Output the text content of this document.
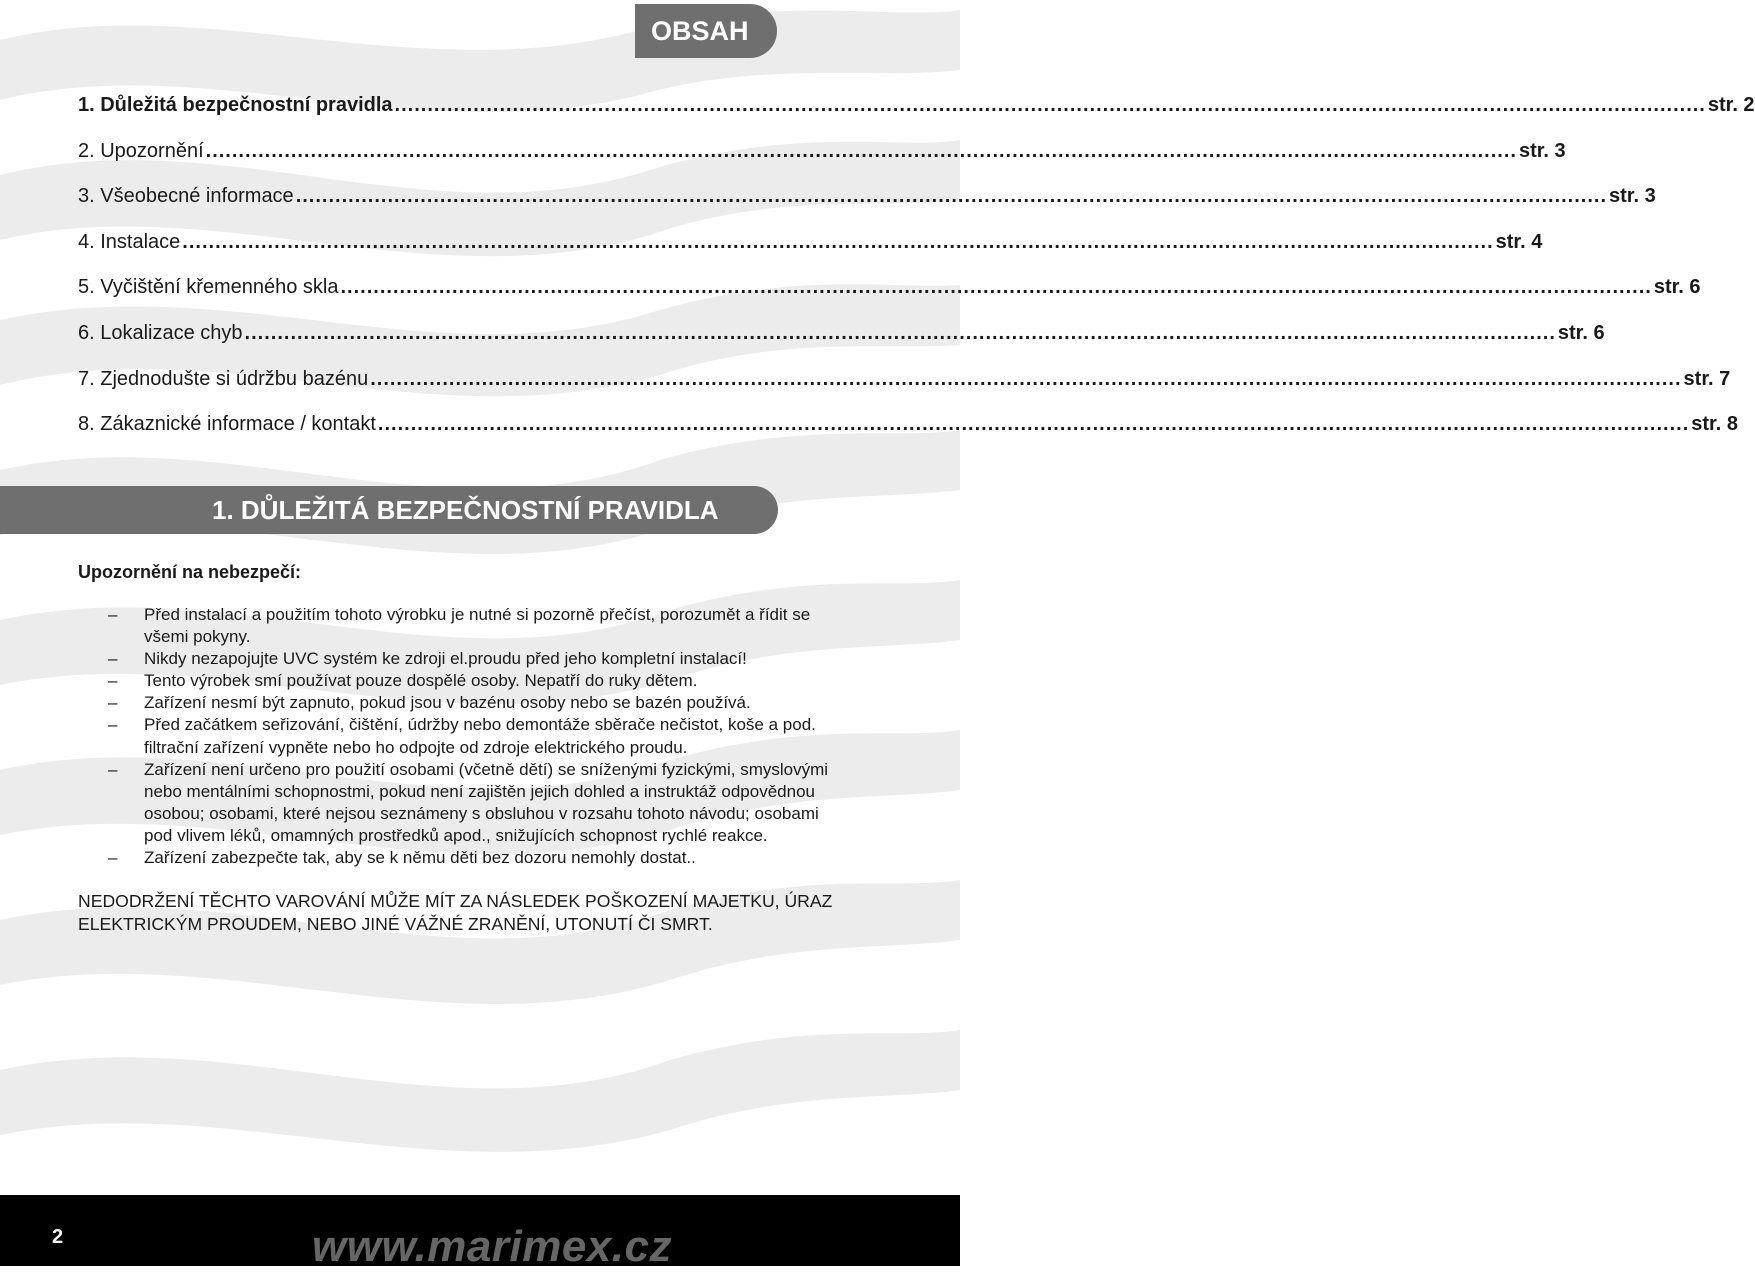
OBSAH
1. Důležitá bezpečnostní pravidla ........................................................................................................................................................................................................ str. 2
2. Upozornění ........................................................................................................................................................................................................ str. 3
3. Všeobecné informace ........................................................................................................................................................................................................ str. 3
4. Instalace ........................................................................................................................................................................................................ str. 4
5. Vyčištění křemenného skla ........................................................................................................................................................................................................ str. 6
6. Lokalizace chyb ........................................................................................................................................................................................................ str. 6
7. Zjednodušte si údržbu bazénu ........................................................................................................................................................................................................ str. 7
8. Zákaznické informace / kontakt ........................................................................................................................................................................................................ str. 8
1. DŮLEŽITÁ BEZPEČNOSTNÍ PRAVIDLA
Upozornění na nebezpečí:
– Před instalací a použitím tohoto výrobku je nutné si pozorně přečíst, porozumět a řídit se
všemi pokyny.
– Nikdy nezapojujte UVC systém ke zdroji el.proudu před jeho kompletní instalací!
– Tento výrobek smí používat pouze dospělé osoby. Nepatří do ruky dětem.
– Zařízení nesmí být zapnuto, pokud jsou v bazénu osoby nebo se bazén používá.
– Před začátkem seřizování, čištění, údržby nebo demontáže sběrače nečistot, koše a pod.
filtrační zařízení vypněte nebo ho odpojte od zdroje elektrického proudu.
– Zařízení není určeno pro použití osobami (včetně dětí) se sníženými fyzickými, smyslovými
nebo mentálními schopnostmi, pokud není zajištěn jejich dohled a instruktáž odpovědnou
osobou; osobami, které nejsou seznámeny s obsluhou v rozsahu tohoto návodu; osobami
pod vlivem léků, omamných prostředků apod., snižujících schopnost rychlé reakce.
– Zařízení zabezpečte tak, aby se k němu děti bez dozoru nemohly dostat..
NEDODRŽENÍ TĚCHTO VAROVÁNÍ MŮŽE MÍT ZA NÁSLEDEK POŠKOZENÍ MAJETKU, ÚRAZ
ELEKTRICKÝM PROUDEM, NEBO JINÉ VÁŽNÉ ZRANĚNÍ, UTONUTÍ ČI SMRT.
2	www.marimex.cz
